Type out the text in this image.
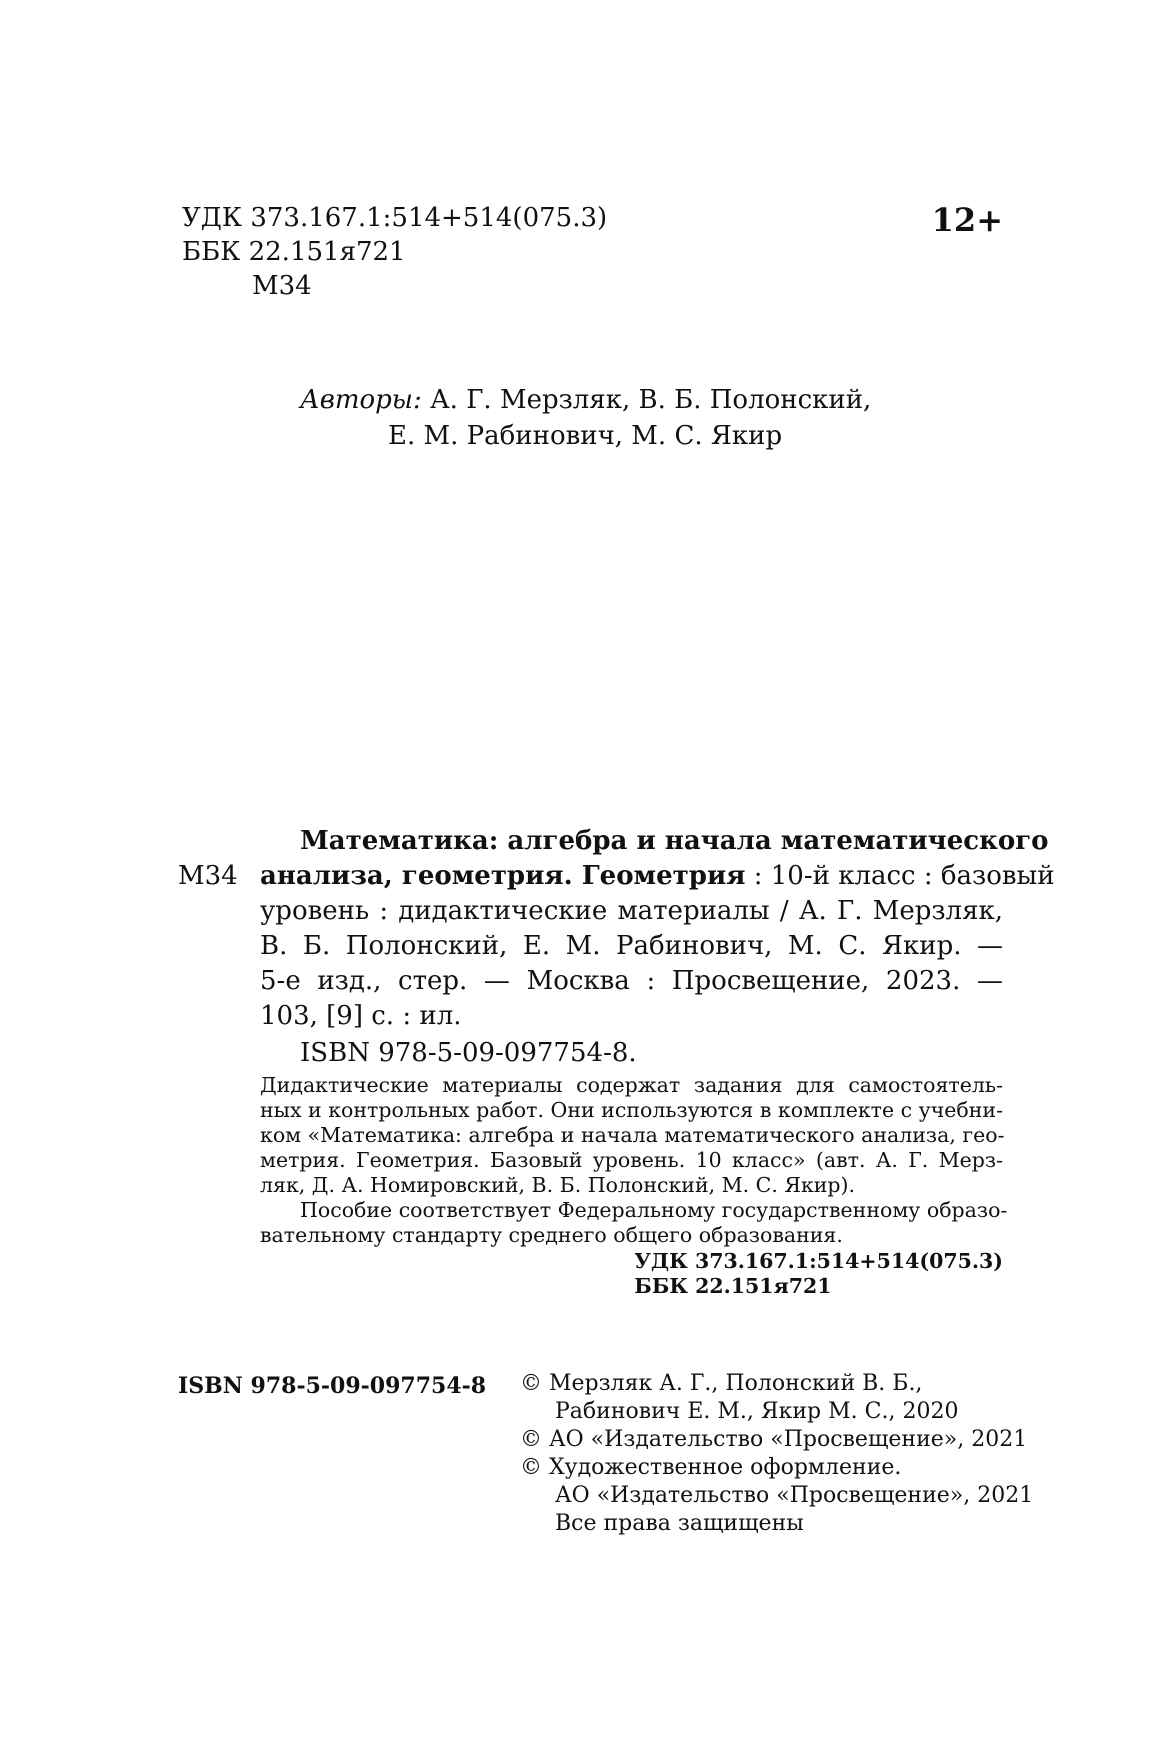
УДК 373.167.1:514+514(075.3)
ББК 22.151я721
М34
12+
Авторы: А. Г. Мерзляк, В. Б. Полонский,
Е. М. Рабинович, М. С. Якир
М34
Математика: алгебра и начала математического
анализа, геометрия. Геометрия : 10-й класс : базовый
уровень : дидактические материалы / А. Г. Мерзляк,
В. Б. Полонский, Е. М. Рабинович, М. С. Якир. —
5-е изд., стер. — Москва : Просвещение, 2023. —
103, [9] с. : ил.
ISBN 978-5-09-097754-8.
Дидактические материалы содержат задания для самостоятель-
ных и контрольных работ. Они используются в комплекте с учебни-
ком «Математика: алгебра и начала математического анализа, гео-
метрия. Геометрия. Базовый уровень. 10 класс» (авт. А. Г. Мерз-
ляк, Д. А. Номировский, В. Б. Полонский, М. С. Якир).
Пособие соответствует Федеральному государственному образо-
вательному стандарту среднего общего образования.
УДК 373.167.1:514+514(075.3)
ББК 22.151я721
ISBN 978-5-09-097754-8 © Мерзляк А. Г., Полонский В. Б.,
Рабинович Е. М., Якир М. С., 2020
© АО «Издательство «Просвещение», 2021
© Художественное оформление.
АО «Издательство «Просвещение», 2021
Все права защищены
